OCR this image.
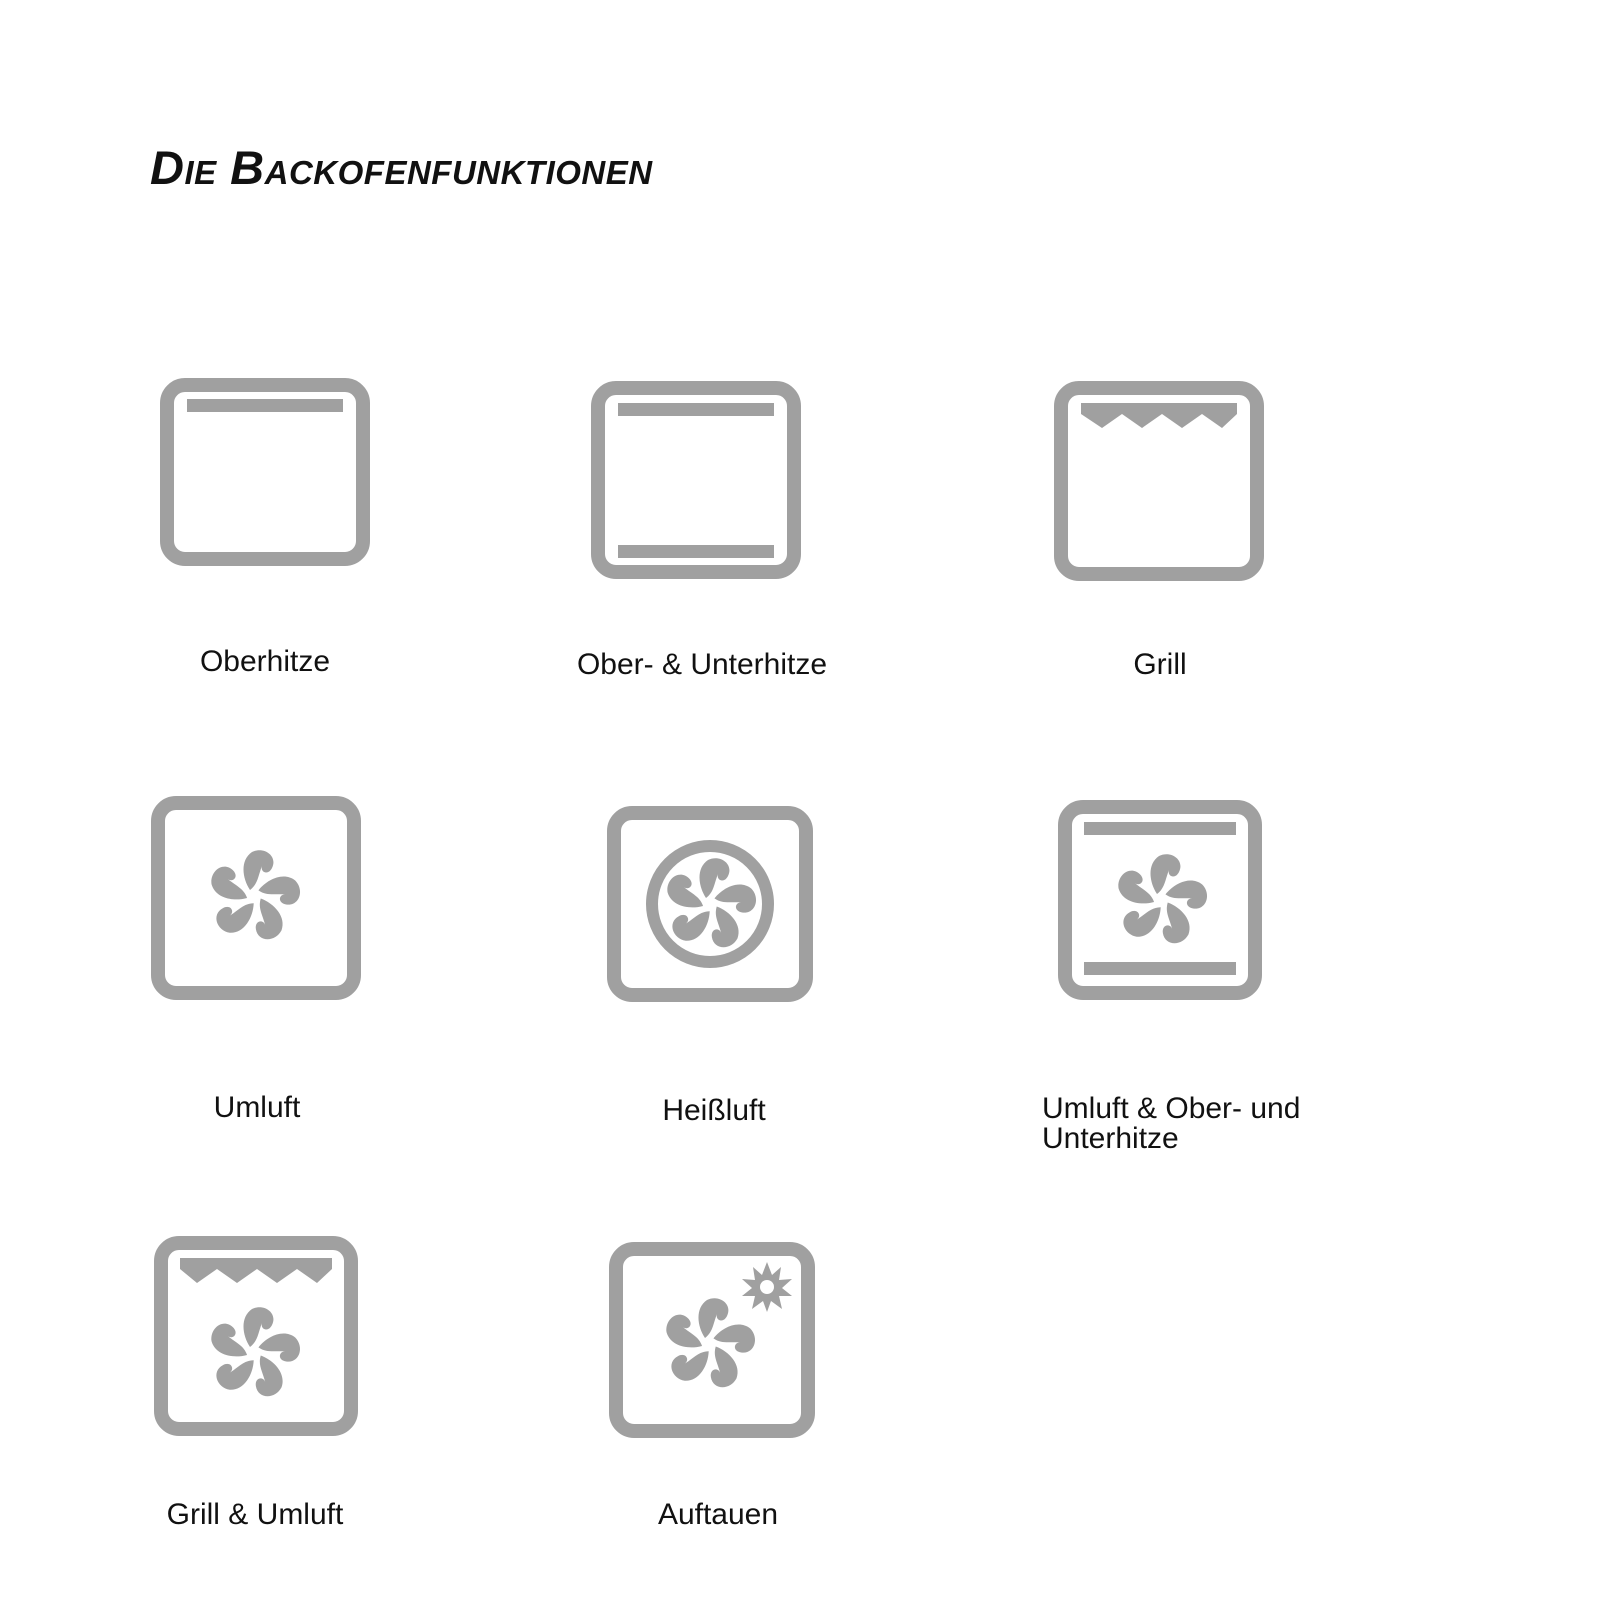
Die Backofenfunktionen
Oberhitze	Ober- & Unterhitze	Grill
Umluft	Heißluft	Umluft & Ober- und Unterhitze
Grill & Umluft	Auftauen
